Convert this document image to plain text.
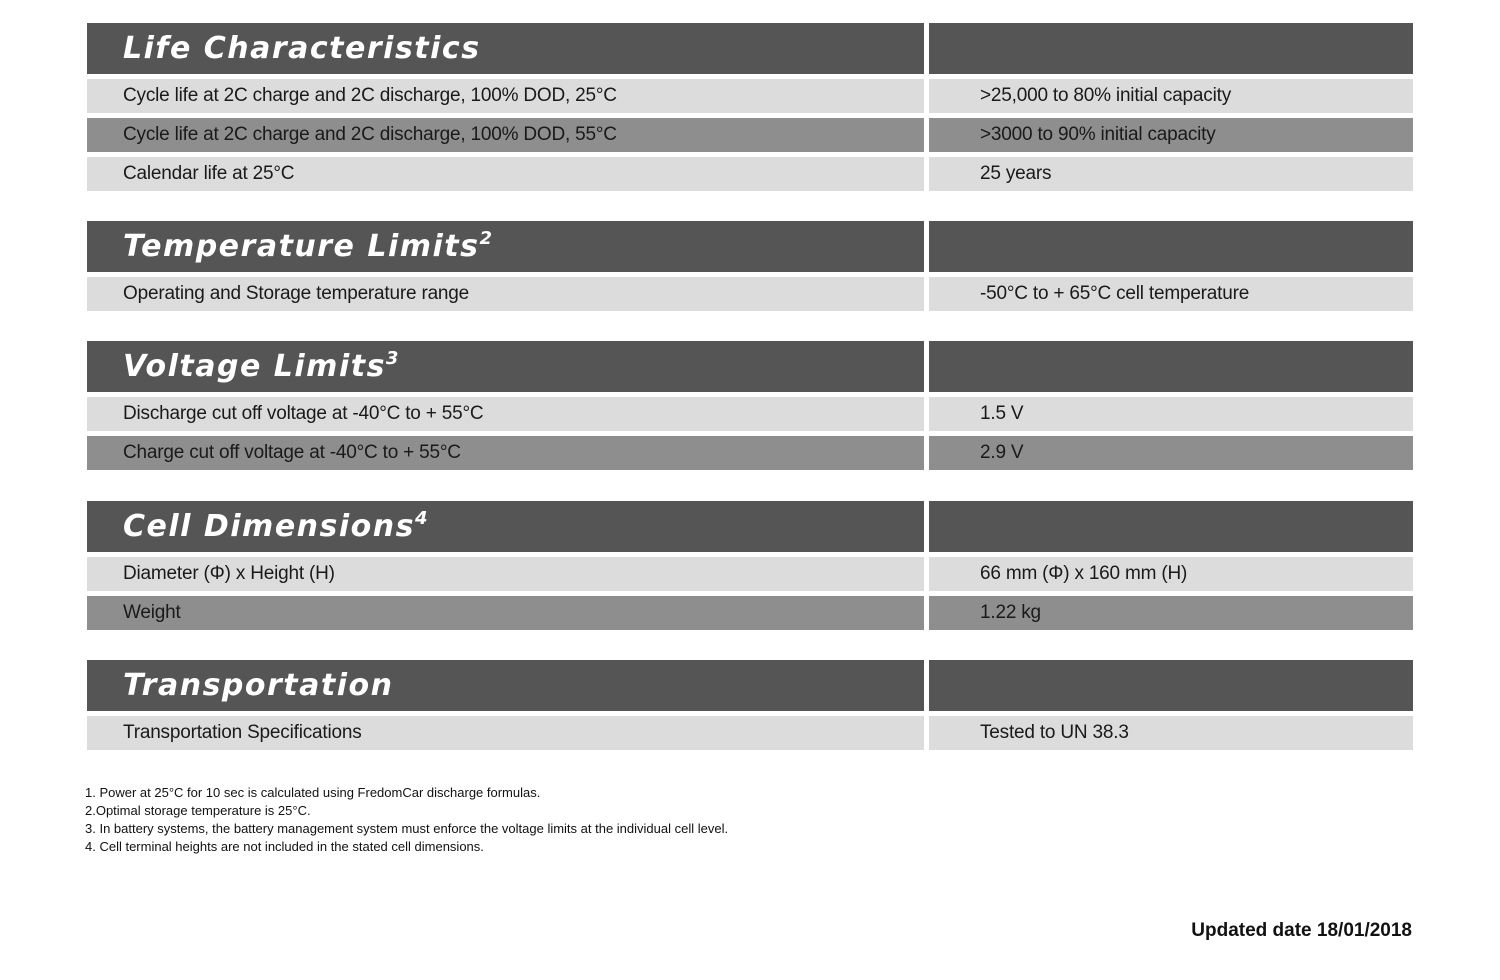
Life Characteristics
Cycle life at 2C charge and 2C discharge, 100% DOD, 25°C	>25,000 to 80% initial capacity
Cycle life at 2C charge and 2C discharge, 100% DOD, 55°C	>3000 to 90% initial capacity
Calendar life at 25°C	25 years
Temperature Limits$^2$
Operating and Storage temperature range	-50°C to + 65°C cell temperature
Voltage Limits$^3$
Discharge cut off voltage at -40°C to + 55°C	1.5 V
Charge cut off voltage at -40°C to + 55°C	2.9 V
Cell Dimensions$^4$
Diameter (Φ) x Height (H)	66 mm (Φ) x 160 mm (H)
Weight	1.22 kg
Transportation
Transportation Specifications	Tested to UN 38.3
1. Power at 25°C for 10 sec is calculated using FredomCar discharge formulas.
2.Optimal storage temperature is 25°C.
3. In battery systems, the battery management system must enforce the voltage limits at the individual cell level.
4. Cell terminal heights are not included in the stated cell dimensions.
Updated date 18/01/2018
